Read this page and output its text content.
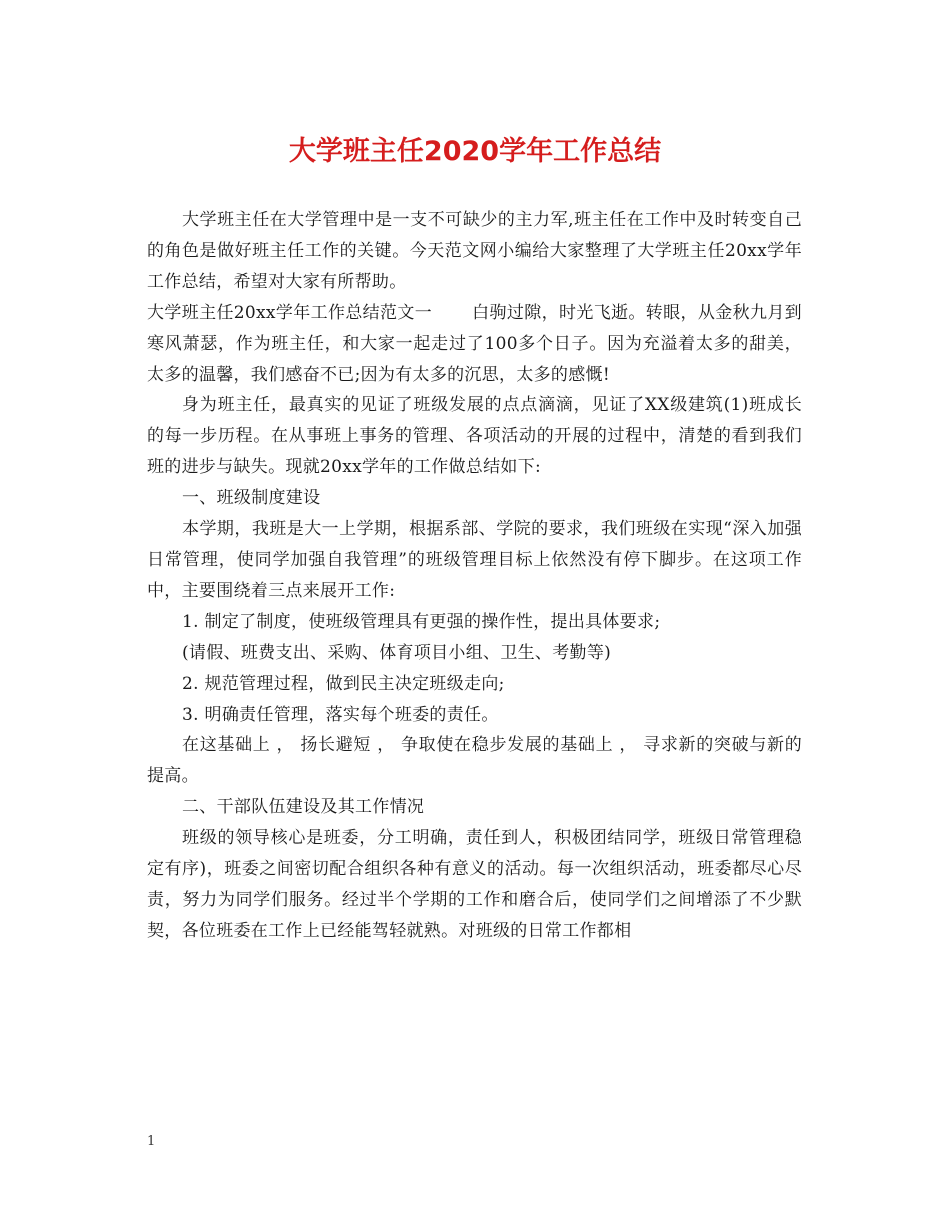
大学班主任2020学年工作总结

大学班主任在大学管理中是一支不可缺少的主力军,班主任在工作中及时转变自己的角色是做好班主任工作的关键。今天范文网小编给大家整理了大学班主任20xx学年工作总结，希望对大家有所帮助。

大学班主任20xx学年工作总结范文一 白驹过隙，时光飞逝。转眼，从金秋九月到寒风萧瑟，作为班主任，和大家一起走过了100多个日子。因为充溢着太多的甜美，太多的温馨，我们感奋不已;因为有太多的沉思，太多的感慨!

身为班主任，最真实的见证了班级发展的点点滴滴，见证了XX级建筑(1)班成长的每一步历程。在从事班上事务的管理、各项活动的开展的过程中，清楚的看到我们班的进步与缺失。现就20xx学年的工作做总结如下:

一、班级制度建设

本学期，我班是大一上学期，根据系部、学院的要求，我们班级在实现“深入加强日常管理，使同学加强自我管理”的班级管理目标上依然没有停下脚步。在这项工作中，主要围绕着三点来展开工作:

1. 制定了制度，使班级管理具有更强的操作性，提出具体要求;

(请假、班费支出、采购、体育项目小组、卫生、考勤等)

2. 规范管理过程，做到民主决定班级走向;

3. 明确责任管理，落实每个班委的责任。

在这基础上 ， 扬长避短 ， 争取使在稳步发展的基础上 ， 寻求新的突破与新的提高。

二、干部队伍建设及其工作情况

班级的领导核心是班委，分工明确，责任到人，积极团结同学，班级日常管理稳定有序)，班委之间密切配合组织各种有意义的活动。每一次组织活动，班委都尽心尽责，努力为同学们服务。经过半个学期的工作和磨合后，使同学们之间增添了不少默契，各位班委在工作上已经能驾轻就熟。对班级的日常工作都相

1
